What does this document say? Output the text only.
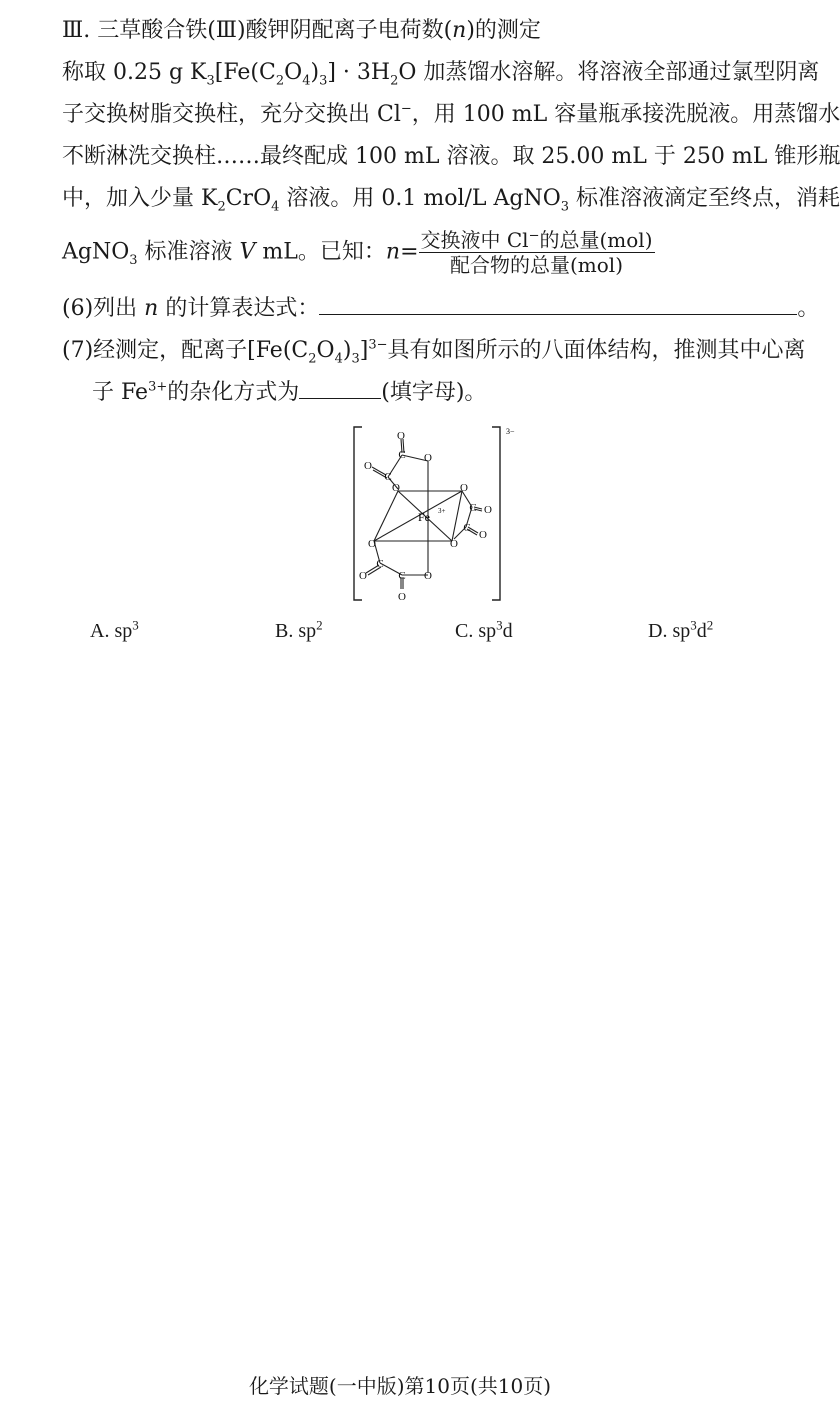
Ⅲ. 三草酸合铁(Ⅲ)酸钾阴配离子电荷数(n)的测定
称取 0.25 g $K_3[Fe(C_2O_4)_3] \cdot 3H_2O$ 加蒸馏水溶解。将溶液全部通过氯型阴离
子交换树脂交换柱，充分交换出 Cl−，用 100 mL 容量瓶承接洗脱液。用蒸馏水
不断淋洗交换柱……最终配成 100 mL 溶液。取 25.00 mL 于 250 mL 锥形瓶
中，加入少量 $K_2CrO_4$ 溶液。用 0.1 mol/L AgNO$_3$ 标准溶液滴定至终点，消耗
AgNO$_3$ 标准溶液 V mL。已知：$n= \frac{交换液中 Cl^-的总量(mol)}{\text{配合物的总量(mol)}}$
(6)列出 n 的计算表达式：	。
(7)经测定，配离子$[Fe(C_2O_4)_3]^{3-}$具有如图所示的八面体结构，推测其中心离
子 $Fe^{3+}$的杂化方式为	(填字母)。
3−
O
O
C
C
O
O	O
C O
C
O
O
O
C
O	C O
O
Fe 3+
A. $sp^3$	B. $sp^2$	C. $sp^3d$	D. $sp^3d^2$
化学试题(一中版)第10页(共10页)
